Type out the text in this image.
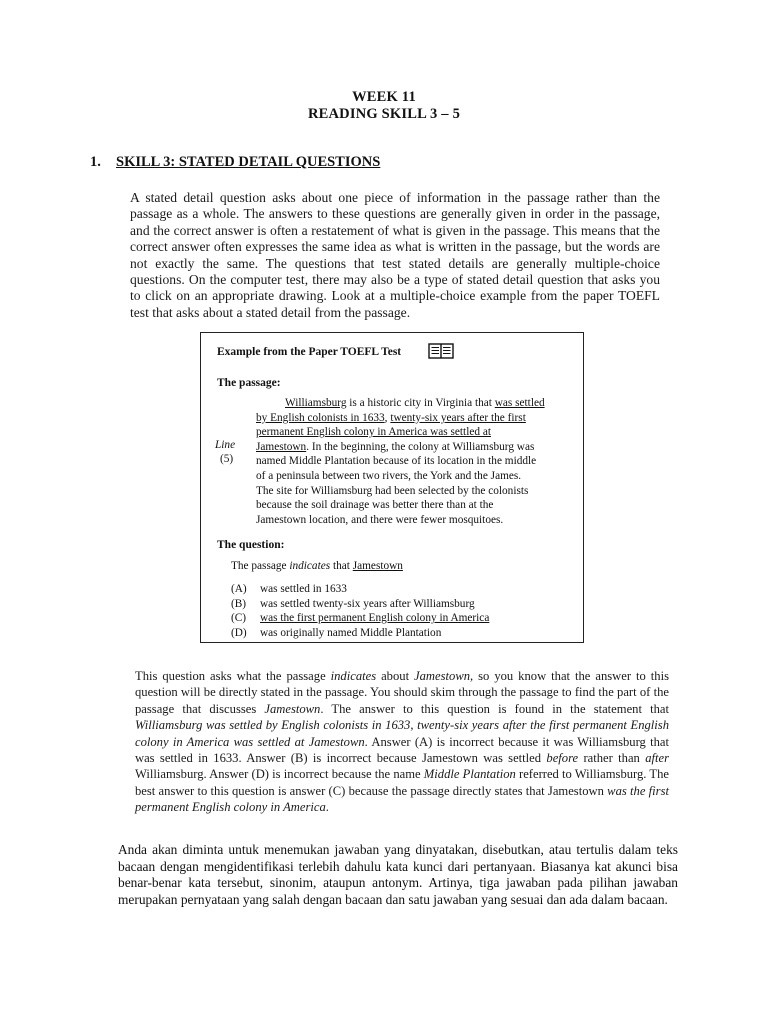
WEEK 11
READING SKILL 3 – 5
1. SKILL 3: STATED DETAIL QUESTIONS
A stated detail question asks about one piece of information in the passage rather than the passage as a whole. The answers to these questions are generally given in order in the passage, and the correct answer is often a restatement of what is given in the passage. This means that the correct answer often expresses the same idea as what is written in the passage, but the words are not exactly the same. The questions that test stated details are generally multiple-choice questions. On the computer test, there may also be a type of stated detail question that asks you to click on an appropriate drawing. Look at a multiple-choice example from the paper TOEFL test that asks about a stated detail from the passage.
Example from the Paper TOEFL Test
The passage:
Williamsburg is a historic city in Virginia that was settled
by English colonists in 1633, twenty-six years after the first
permanent English colony in America was settled at
Jamestown. In the beginning, the colony at Williamsburg was
named Middle Plantation because of its location in the middle
of a peninsula between two rivers, the York and the James.
The site for Williamsburg had been selected by the colonists
because the soil drainage was better there than at the
Jamestown location, and there were fewer mosquitoes.
Line
(5)
The question:
The passage indicates that Jamestown
(A) was settled in 1633
(B) was settled twenty-six years after Williamsburg
(C) was the first permanent English colony in America
(D) was originally named Middle Plantation
This question asks what the passage indicates about Jamestown, so you know that the answer to this question will be directly stated in the passage. You should skim through the passage to find the part of the passage that discusses Jamestown. The answer to this question is found in the statement that Williamsburg was settled by English colonists in 1633, twenty-six years after the first permanent English colony in America was settled at Jamestown. Answer (A) is incorrect because it was Williamsburg that was settled in 1633. Answer (B) is incorrect because Jamestown was settled before rather than after Williamsburg. Answer (D) is incorrect because the name Middle Plantation referred to Williamsburg. The best answer to this question is answer (C) because the passage directly states that Jamestown was the first permanent English colony in America.
Anda akan diminta untuk menemukan jawaban yang dinyatakan, disebutkan, atau tertulis dalam teks bacaan dengan mengidentifikasi terlebih dahulu kata kunci dari pertanyaan. Biasanya kat akunci bisa benar-benar kata tersebut, sinonim, ataupun antonym. Artinya, tiga jawaban pada pilihan jawaban merupakan pernyataan yang salah dengan bacaan dan satu jawaban yang sesuai dan ada dalam bacaan.
